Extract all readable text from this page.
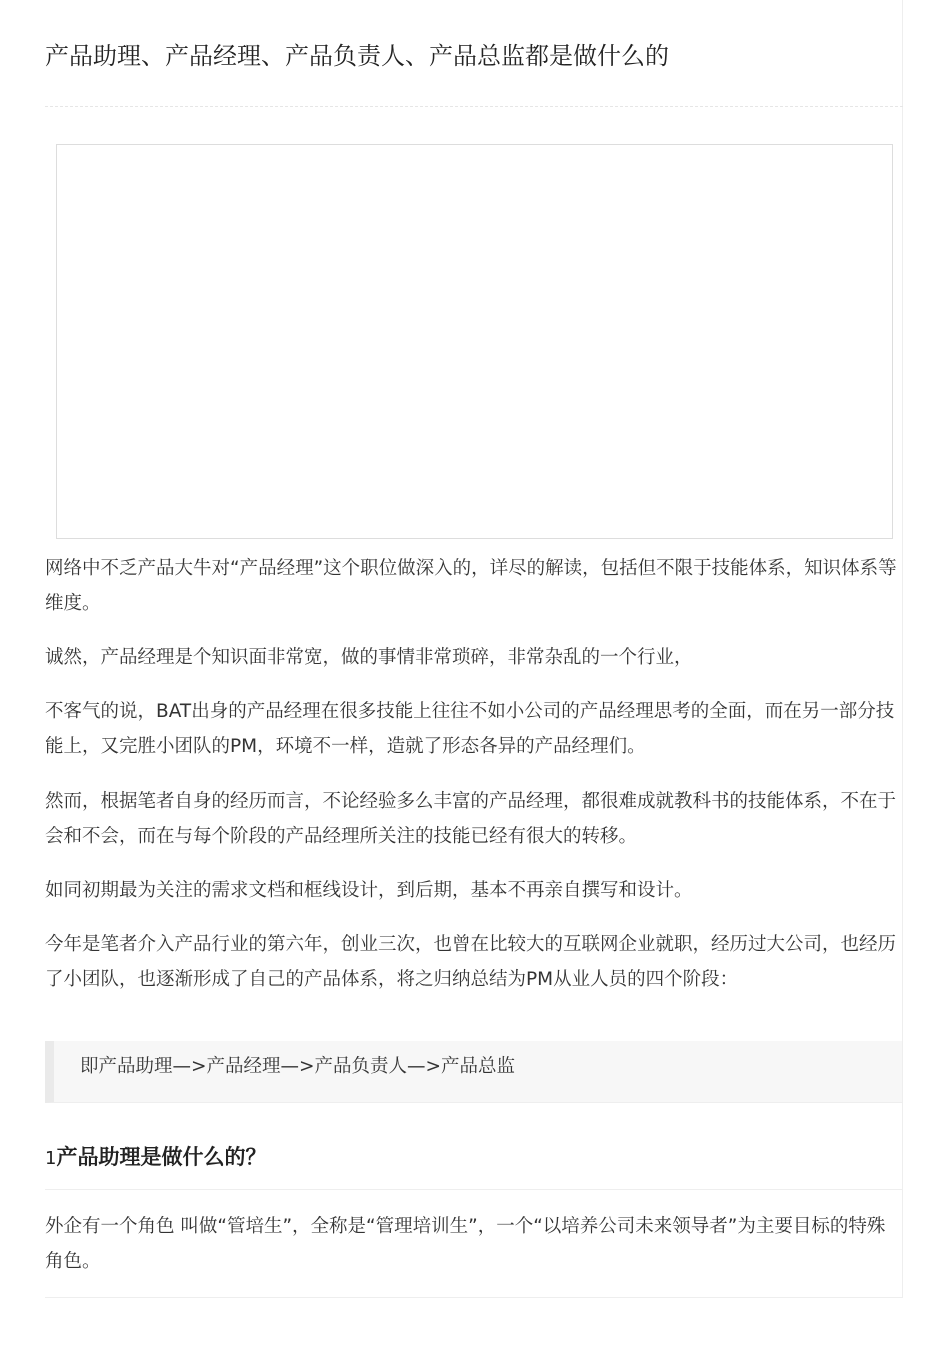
产品助理、产品经理、产品负责人、产品总监都是做什么的

网络中不乏产品大牛对“产品经理”这个职位做深入的，详尽的解读，包括但不限于技能体系，知识体系等维度。

诚然，产品经理是个知识面非常宽，做的事情非常琐碎，非常杂乱的一个行业，

不客气的说，BAT出身的产品经理在很多技能上往往不如小公司的产品经理思考的全面，而在另一部分技能上，又完胜小团队的PM，环境不一样，造就了形态各异的产品经理们。

然而，根据笔者自身的经历而言，不论经验多么丰富的产品经理，都很难成就教科书的技能体系，不在于会和不会，而在与每个阶段的产品经理所关注的技能已经有很大的转移。

如同初期最为关注的需求文档和框线设计，到后期，基本不再亲自撰写和设计。

今年是笔者介入产品行业的第六年，创业三次，也曾在比较大的互联网企业就职，经历过大公司，也经历了小团队，也逐渐形成了自己的产品体系，将之归纳总结为PM从业人员的四个阶段：

即产品助理—>产品经理—>产品负责人—>产品总监
1产品助理是做什么的？

外企有一个角色 叫做“管培生”，全称是“管理培训生”，一个“以培养公司未来领导者”为主要目标的特殊角色。
